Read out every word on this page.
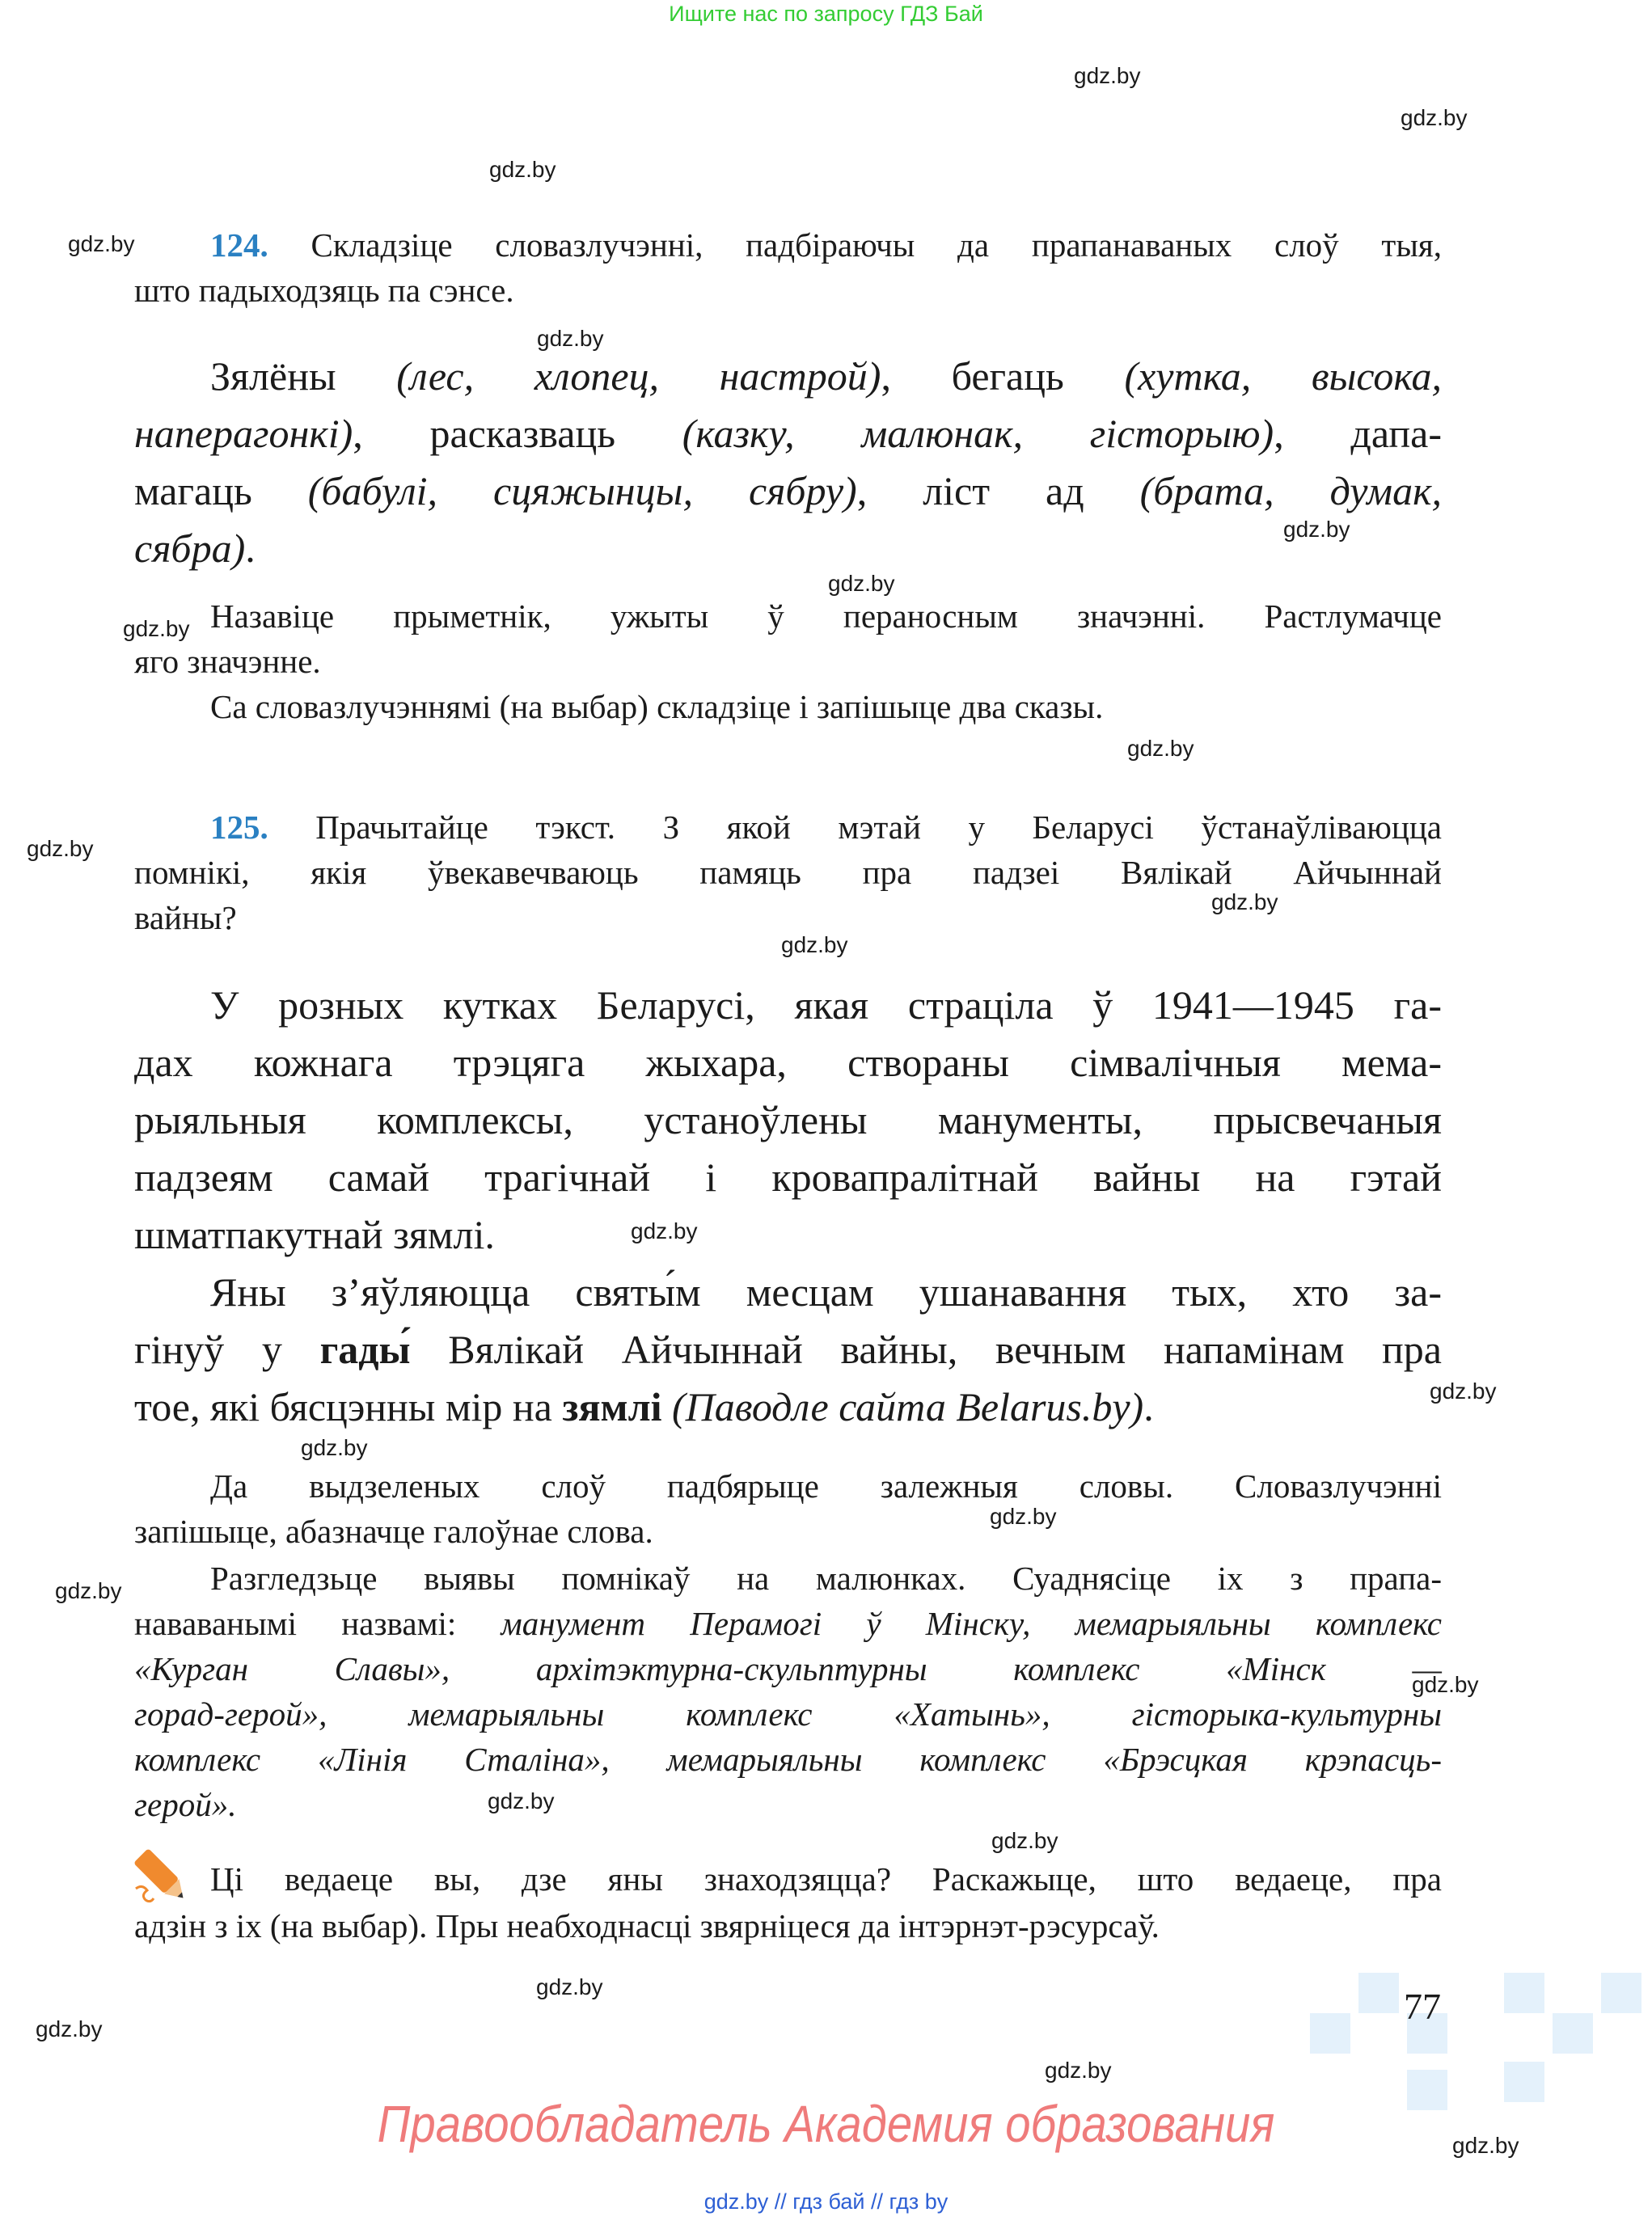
Ищите нас по запросу ГДЗ Бай
gdz.by
gdz.by
gdz.by
gdz.by
gdz.by
gdz.by
gdz.by
gdz.by
gdz.by
gdz.by
gdz.by
gdz.by
gdz.by
gdz.by
gdz.by
gdz.by
gdz.by
gdz.by
gdz.by
gdz.by
gdz.by
gdz.by
gdz.by
gdz.by
124. Складзіце словазлучэнні, падбіраючы да прапанаваных слоў тыя,
што падыходзяць па сэнсе.
Зялёны (лес, хлопец, настрой), бегаць (хутка, высока,
наперагонкі), расказваць (казку, малюнак, гісторыю), дапа-
магаць (бабулі, сцяжынцы, сябру), ліст ад (брата, думак,
сябра).
Назавіце прыметнік, ужыты ў пераносным значэнні. Растлумачце
яго значэнне.
Са словазлучэннямі (на выбар) складзіце і запішыце два сказы.
125. Прачытайце тэкст. З якой мэтай у Беларусі ўстанаўліваюцца
помнікі, якія ўвекавечваюць памяць пра падзеі Вялікай Айчыннай
вайны?
У розных кутках Беларусі, якая страціла ў 1941—1945 га-
дах кожнага трэцяга жыхара, створаны сімвалічныя мема-
рыяльныя комплексы, устаноўлены манументы, прысвечаныя
падзеям самай трагічнай і кровапралітнай вайны на гэтай
шматпакутнай зямлі.
Яны з’яўляюцца святы́м месцам ушанавання тых, хто за-
гінуў у гады́ Вялікай Айчыннай вайны, вечным напамінам пра
тое, які бясцэнны мір на зямлі (Паводле сайта Belarus.by).
Да выдзеленых слоў падбярыце залежныя словы. Словазлучэнні
запішыце, абазначце галоўнае слова.
Разгледзьце выявы помнікаў на малюнках. Суаднясіце іх з прапа-
нававанымі назвамі: манумент Перамогі ў Мінску, мемарыяльны комплекс
«Курган Славы», архітэктурна-скульптурны комплекс «Мінск —
горад-герой», мемарыяльны комплекс «Хатынь», гісторыка-культурны
комплекс «Лінія Сталіна», мемарыяльны комплекс «Брэсцкая крэпасць-
герой».
Ці ведаеце вы, дзе яны знаходзяцца? Раскажыце, што ведаеце, пра
адзін з іх (на выбар). Пры неабходнасці звярніцеся да інтэрнэт-рэсурсаў.
77
Правообладатель Академия образования
gdz.by // гдз бай // гдз by
